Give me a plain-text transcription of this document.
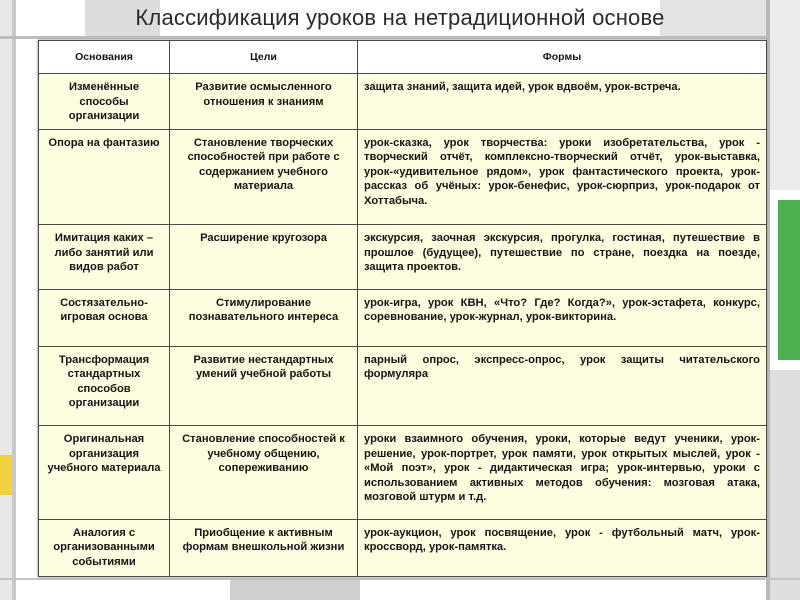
Классификация уроков на нетрадиционной основе
Основания	Цели	Формы
Изменённые способы организации	Развитие осмысленного отношения к знаниям	защита знаний, защита идей, урок вдвоём, урок-встреча.
Опора на фантазию	Становление творческих способностей при работе с содержанием учебного материала	урок-сказка, урок творчества: уроки изобретательства, урок - творческий отчёт, комплексно-творческий отчёт, урок-выставка, урок-«удивительное рядом», урок фантастического проекта, урок-рассказ об учёных: урок-бенефис, урок-сюрприз, урок-подарок от Хоттабыча.
Имитация каких – либо занятий или видов работ	Расширение кругозора	экскурсия, заочная экскурсия, прогулка, гостиная, путешествие в прошлое (будущее), путешествие по стране, поездка на поезде, защита проектов.
Состязательно-игровая основа	Стимулирование познавательного интереса	урок-игра, урок КВН, «Что? Где? Когда?», урок-эстафета, конкурс, соревнование, урок-журнал, урок-викторина.
Трансформация стандартных способов организации	Развитие нестандартных умений учебной работы	парный опрос, экспресс-опрос, урок защиты читательского формуляра
Оригинальная организация учебного материала	Становление способностей к учебному общению, сопереживанию	уроки взаимного обучения, уроки, которые ведут ученики, урок-решение, урок-портрет, урок памяти, урок открытых мыслей, урок - «Мой поэт», урок - дидактическая игра; урок-интервью, уроки с использованием активных методов обучения: мозговая атака, мозговой штурм и т.д.
Аналогия с организованными событиями	Приобщение к активным формам внешкольной жизни	урок-аукцион, урок посвящение, урок - футбольный матч, урок-кроссворд, урок-памятка.
